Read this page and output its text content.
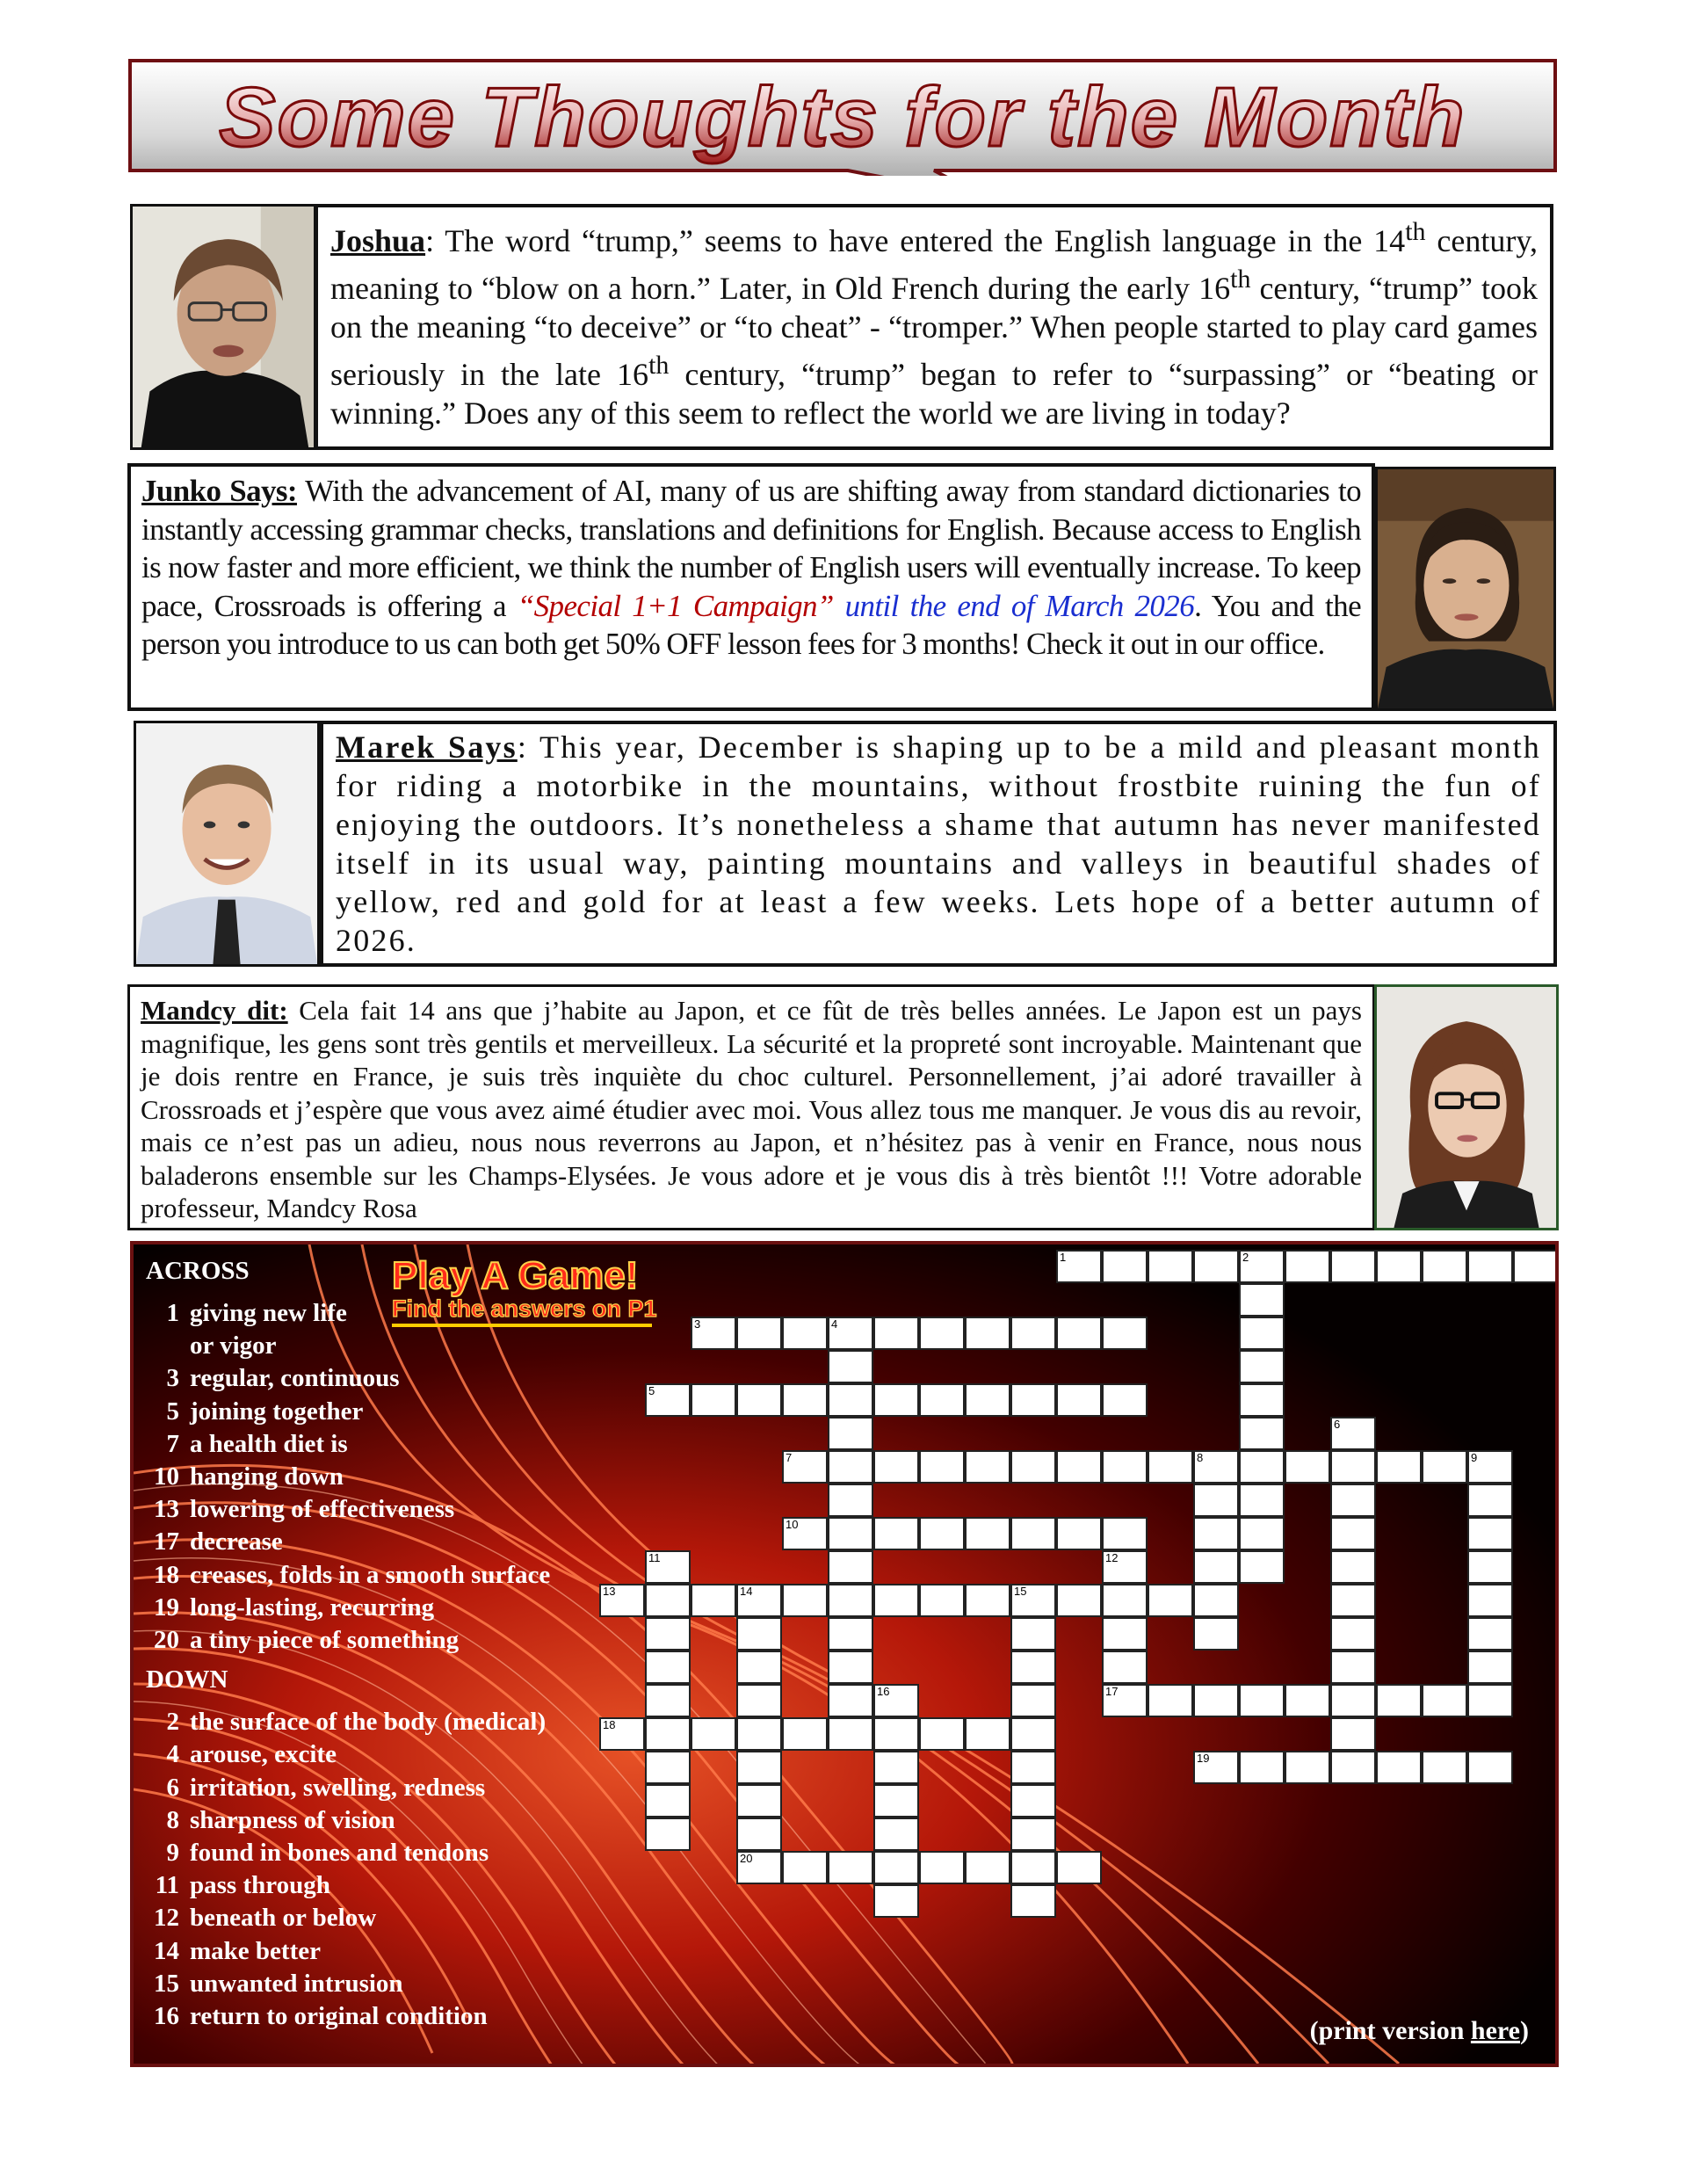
Some Thoughts for the Month

Joshua: The word “trump,” seems to have entered the English language in the 14th century, meaning to “blow on a horn.” Later, in Old French during the early 16th century, “trump” took on the meaning “to deceive” or “to cheat” - “tromper.” When people started to play card games seriously in the late 16th century, “trump” began to refer to “surpassing” or “beating or winning.” Does any of this seem to reflect the world we are living in today?

Junko Says: With the advancement of AI, many of us are shifting away from standard dictionaries to instantly accessing grammar checks, translations and definitions for English. Because access to English is now faster and more efficient, we think the number of English users will eventually increase. To keep pace, Crossroads is offering a “Special 1+1 Campaign” until the end of March 2026. You and the person you introduce to us can both get 50% OFF lesson fees for 3 months! Check it out in our office.

Marek Says: This year, December is shaping up to be a mild and pleasant month for riding a motorbike in the mountains, without frostbite ruining the fun of enjoying the outdoors. It’s nonetheless a shame that autumn has never manifested itself in its usual way, painting mountains and valleys in beautiful shades of yellow, red and gold for at least a few weeks. Lets hope of a better autumn of 2026.

Mandcy dit: Cela fait 14 ans que j’habite au Japon, et ce fût de très belles années. Le Japon est un pays magnifique, les gens sont très gentils et merveilleux. La sécurité et la propreté sont incroyable. Maintenant que je dois rentre en France, je suis très inquiète du choc culturel. Personnellement, j’ai adoré travailler à Crossroads et j’espère que vous avez aimé étudier avec moi. Vous allez tous me manquer. Je vous dis au revoir, mais ce n’est pas un adieu, nous nous reverrons au Japon, et n’hésitez pas à venir en France, nous nous baladerons ensemble sur les Champs-Elysées. Je vous adore et je vous dis à très bientôt !!! Votre adorable professeur, Mandcy Rosa

Play A Game!
Find the answers on P1
ACROSS
1 giving new life
or vigor
3 regular, continuous
5 joining together
7 a health diet is
10 hanging down
13 lowering of effectiveness
17 decrease
18 creases, folds in a smooth surface
19 long-lasting, recurring
20 a tiny piece of something
DOWN
2 the surface of the body (medical)
4 arouse, excite
6 irritation, swelling, redness
8 sharpness of vision
9 found in bones and tendons
11 pass through
12 beneath or below
14 make better
15 unwanted intrusion
16 return to original condition
1	2
3	4
5
6
7	8	9
10
11	12
17
13	14	15
16
18
19
20
(print version here)
